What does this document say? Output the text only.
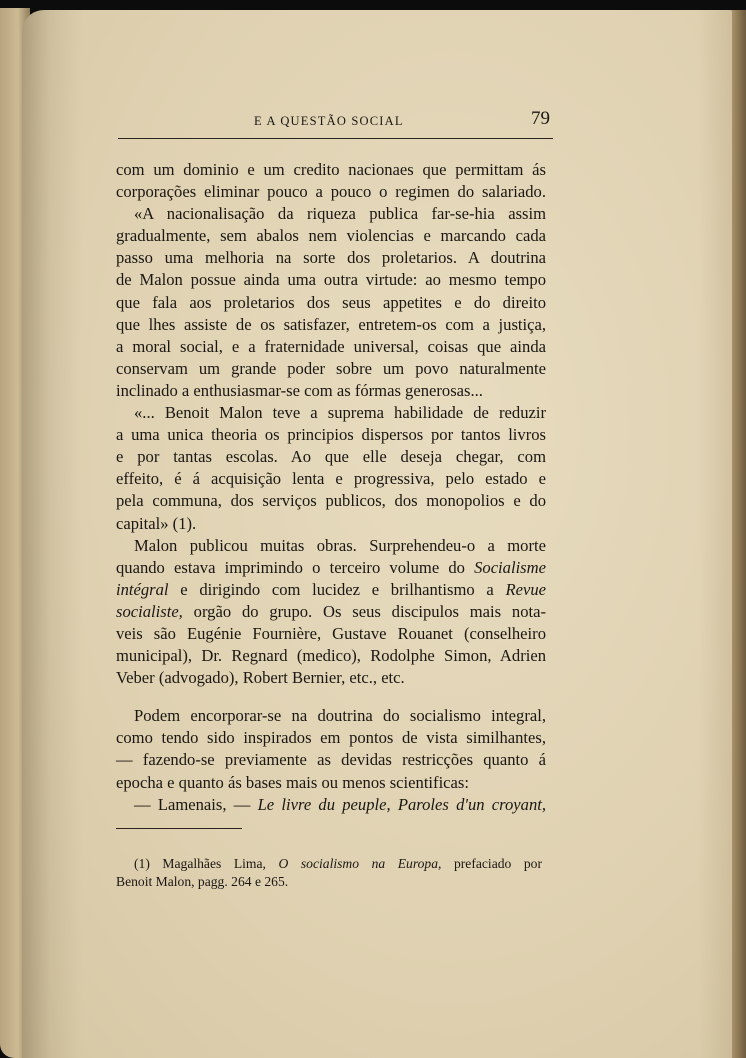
E A QUESTÃO SOCIAL	79
com um dominio e um credito nacionaes que permittam ás
corporações eliminar pouco a pouco o regimen do salariado.
«A nacionalisação da riqueza publica far-se-hia assim
gradualmente, sem abalos nem violencias e marcando cada
passo uma melhoria na sorte dos proletarios. A doutrina
de Malon possue ainda uma outra virtude: ao mesmo tempo
que fala aos proletarios dos seus appetites e do direito
que lhes assiste de os satisfazer, entretem-os com a justiça,
a moral social, e a fraternidade universal, coisas que ainda
conservam um grande poder sobre um povo naturalmente
inclinado a enthusiasmar-se com as fórmas generosas...
«... Benoit Malon teve a suprema habilidade de reduzir
a uma unica theoria os principios dispersos por tantos livros
e por tantas escolas. Ao que elle deseja chegar, com
effeito, é á acquisição lenta e progressiva, pelo estado e
pela communa, dos serviços publicos, dos monopolios e do
capital» (1).
Malon publicou muitas obras. Surprehendeu-o a morte
quando estava imprimindo o terceiro volume do Socialisme
intégral e dirigindo com lucidez e brilhantismo a Revue
socialiste, orgão do grupo. Os seus discipulos mais nota-
veis são Eugénie Fournière, Gustave Rouanet (conselheiro
municipal), Dr. Regnard (medico), Rodolphe Simon, Adrien
Veber (advogado), Robert Bernier, etc., etc.
Podem encorporar-se na doutrina do socialismo integral,
como tendo sido inspirados em pontos de vista similhantes,
— fazendo-se previamente as devidas restricções quanto á
epocha e quanto ás bases mais ou menos scientificas:
— Lamenais, — Le livre du peuple, Paroles d'un croyant,
(1) Magalhães Lima, O socialismo na Europa, prefaciado por
Benoit Malon, pagg. 264 e 265.
